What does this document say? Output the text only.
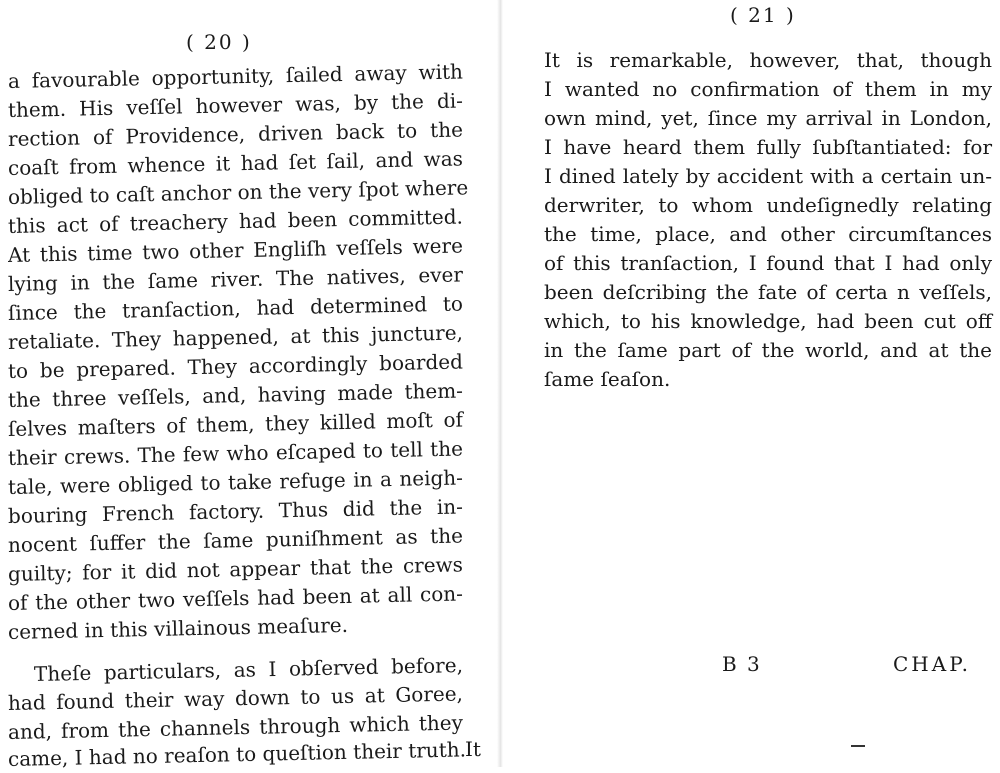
( 20 )
a favourable opportunity, ſailed away with
them. His veſſel however was, by the di-
rection of Providence, driven back to the
coaſt from whence it had ſet ſail, and was
obliged to caſt anchor on the very ſpot where
this act of treachery had been committed.
At this time two other Engliſh veſſels were
lying in the ſame river. The natives, ever
ſince the tranſaction, had determined to
retaliate. They happened, at this juncture,
to be prepared. They accordingly boarded
the three veſſels, and, having made them-
ſelves maſters of them, they killed moſt of
their crews. The few who eſcaped to tell the
tale, were obliged to take refuge in a neigh-
bouring French factory. Thus did the in-
nocent ſuffer the ſame puniſhment as the
guilty; for it did not appear that the crews
of the other two veſſels had been at all con-
cerned in this villainous meaſure.
Theſe particulars, as I obſerved before,
had found their way down to us at Goree,
and, from the channels through which they
came, I had no reaſon to queſtion their truth.
It
( 21 )
It is remarkable, however, that, though
I wanted no confirmation of them in my
own mind, yet, ſince my arrival in London,
I have heard them fully ſubſtantiated: for
I dined lately by accident with a certain un-
derwriter, to whom undeſignedly relating
the time, place, and other circumſtances
of this tranſaction, I found that I had only
been deſcribing the fate of certa n veſſels,
which, to his knowledge, had been cut off
in the ſame part of the world, and at the
ſame ſeaſon.
B 3	CHAP.
